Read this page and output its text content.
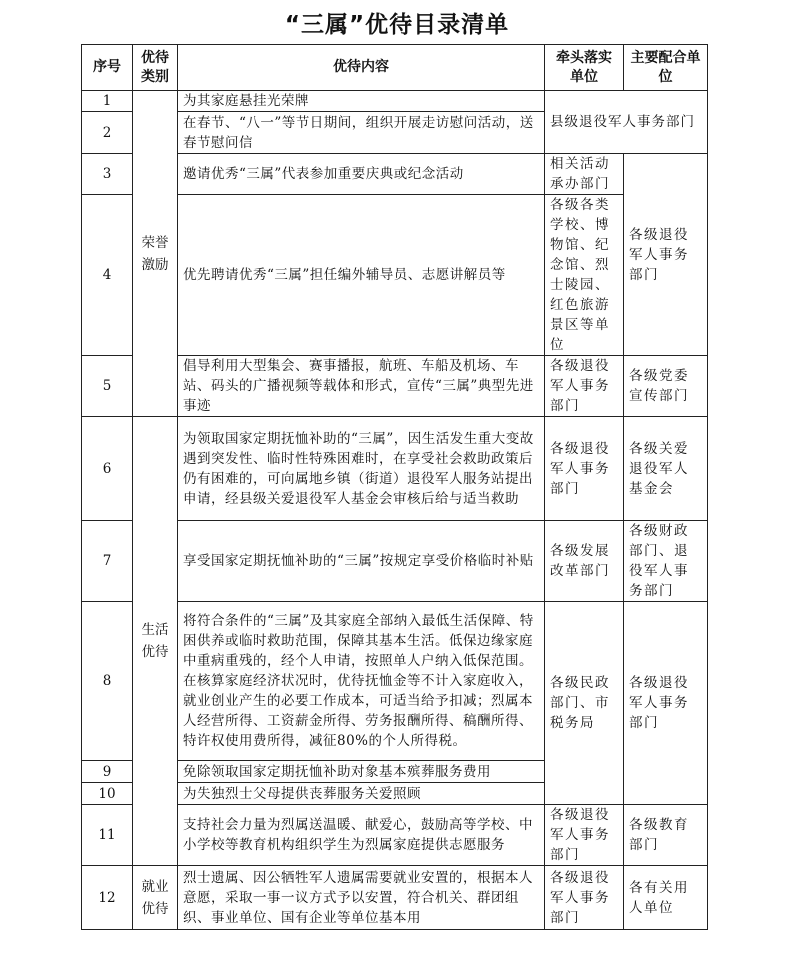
“三属”优待目录清单
序号	优待类别	优待内容	牵头落实单位	主要配合单位
1	荣誉激励	为其家庭悬挂光荣牌	县级退役军人事务部门	
2		在春节、“八一”等节日期间，组织开展走访慰问活动，送春节慰问信		
3		邀请优秀“三属”代表参加重要庆典或纪念活动	相关活动承办部门	各级退役军人事务部门
4		优先聘请优秀“三属”担任编外辅导员、志愿讲解员等	各级各类学校、博物馆、纪念馆、烈士陵园、红色旅游景区等单位	
5		倡导利用大型集会、赛事播报，航班、车船及机场、车站、码头的广播视频等载体和形式，宣传“三属”典型先进事迹	各级退役军人事务部门	各级党委宣传部门
6	生活优待	为领取国家定期抚恤补助的“三属”，因生活发生重大变故遇到突发性、临时性特殊困难时，在享受社会救助政策后仍有困难的，可向属地乡镇（街道）退役军人服务站提出申请，经县级关爱退役军人基金会审核后给与适当救助	各级退役军人事务部门	各级关爱退役军人基金会
7		享受国家定期抚恤补助的“三属”按规定享受价格临时补贴	各级发展改革部门	各级财政部门、退役军人事务部门
8		将符合条件的“三属”及其家庭全部纳入最低生活保障、特困供养或临时救助范围，保障其基本生活。低保边缘家庭中重病重残的，经个人申请，按照单人户纳入低保范围。在核算家庭经济状况时，优待抚恤金等不计入家庭收入，就业创业产生的必要工作成本，可适当给予扣减；烈属本人经营所得、工资薪金所得、劳务报酬所得、稿酬所得、特许权使用费所得，减征80%的个人所得税。	各级民政部门、市税务局	各级退役军人事务部门
9		免除领取国家定期抚恤补助对象基本殡葬服务费用		
10		为失独烈士父母提供丧葬服务关爱照顾		
11		支持社会力量为烈属送温暖、献爱心，鼓励高等学校、中小学校等教育机构组织学生为烈属家庭提供志愿服务	各级退役军人事务部门	各级教育部门
12	就业优待	烈士遗属、因公牺牲军人遗属需要就业安置的，根据本人意愿，采取一事一议方式予以安置，符合机关、群团组织、事业单位、国有企业等单位基本用	各级退役军人事务部门	各有关用人单位
